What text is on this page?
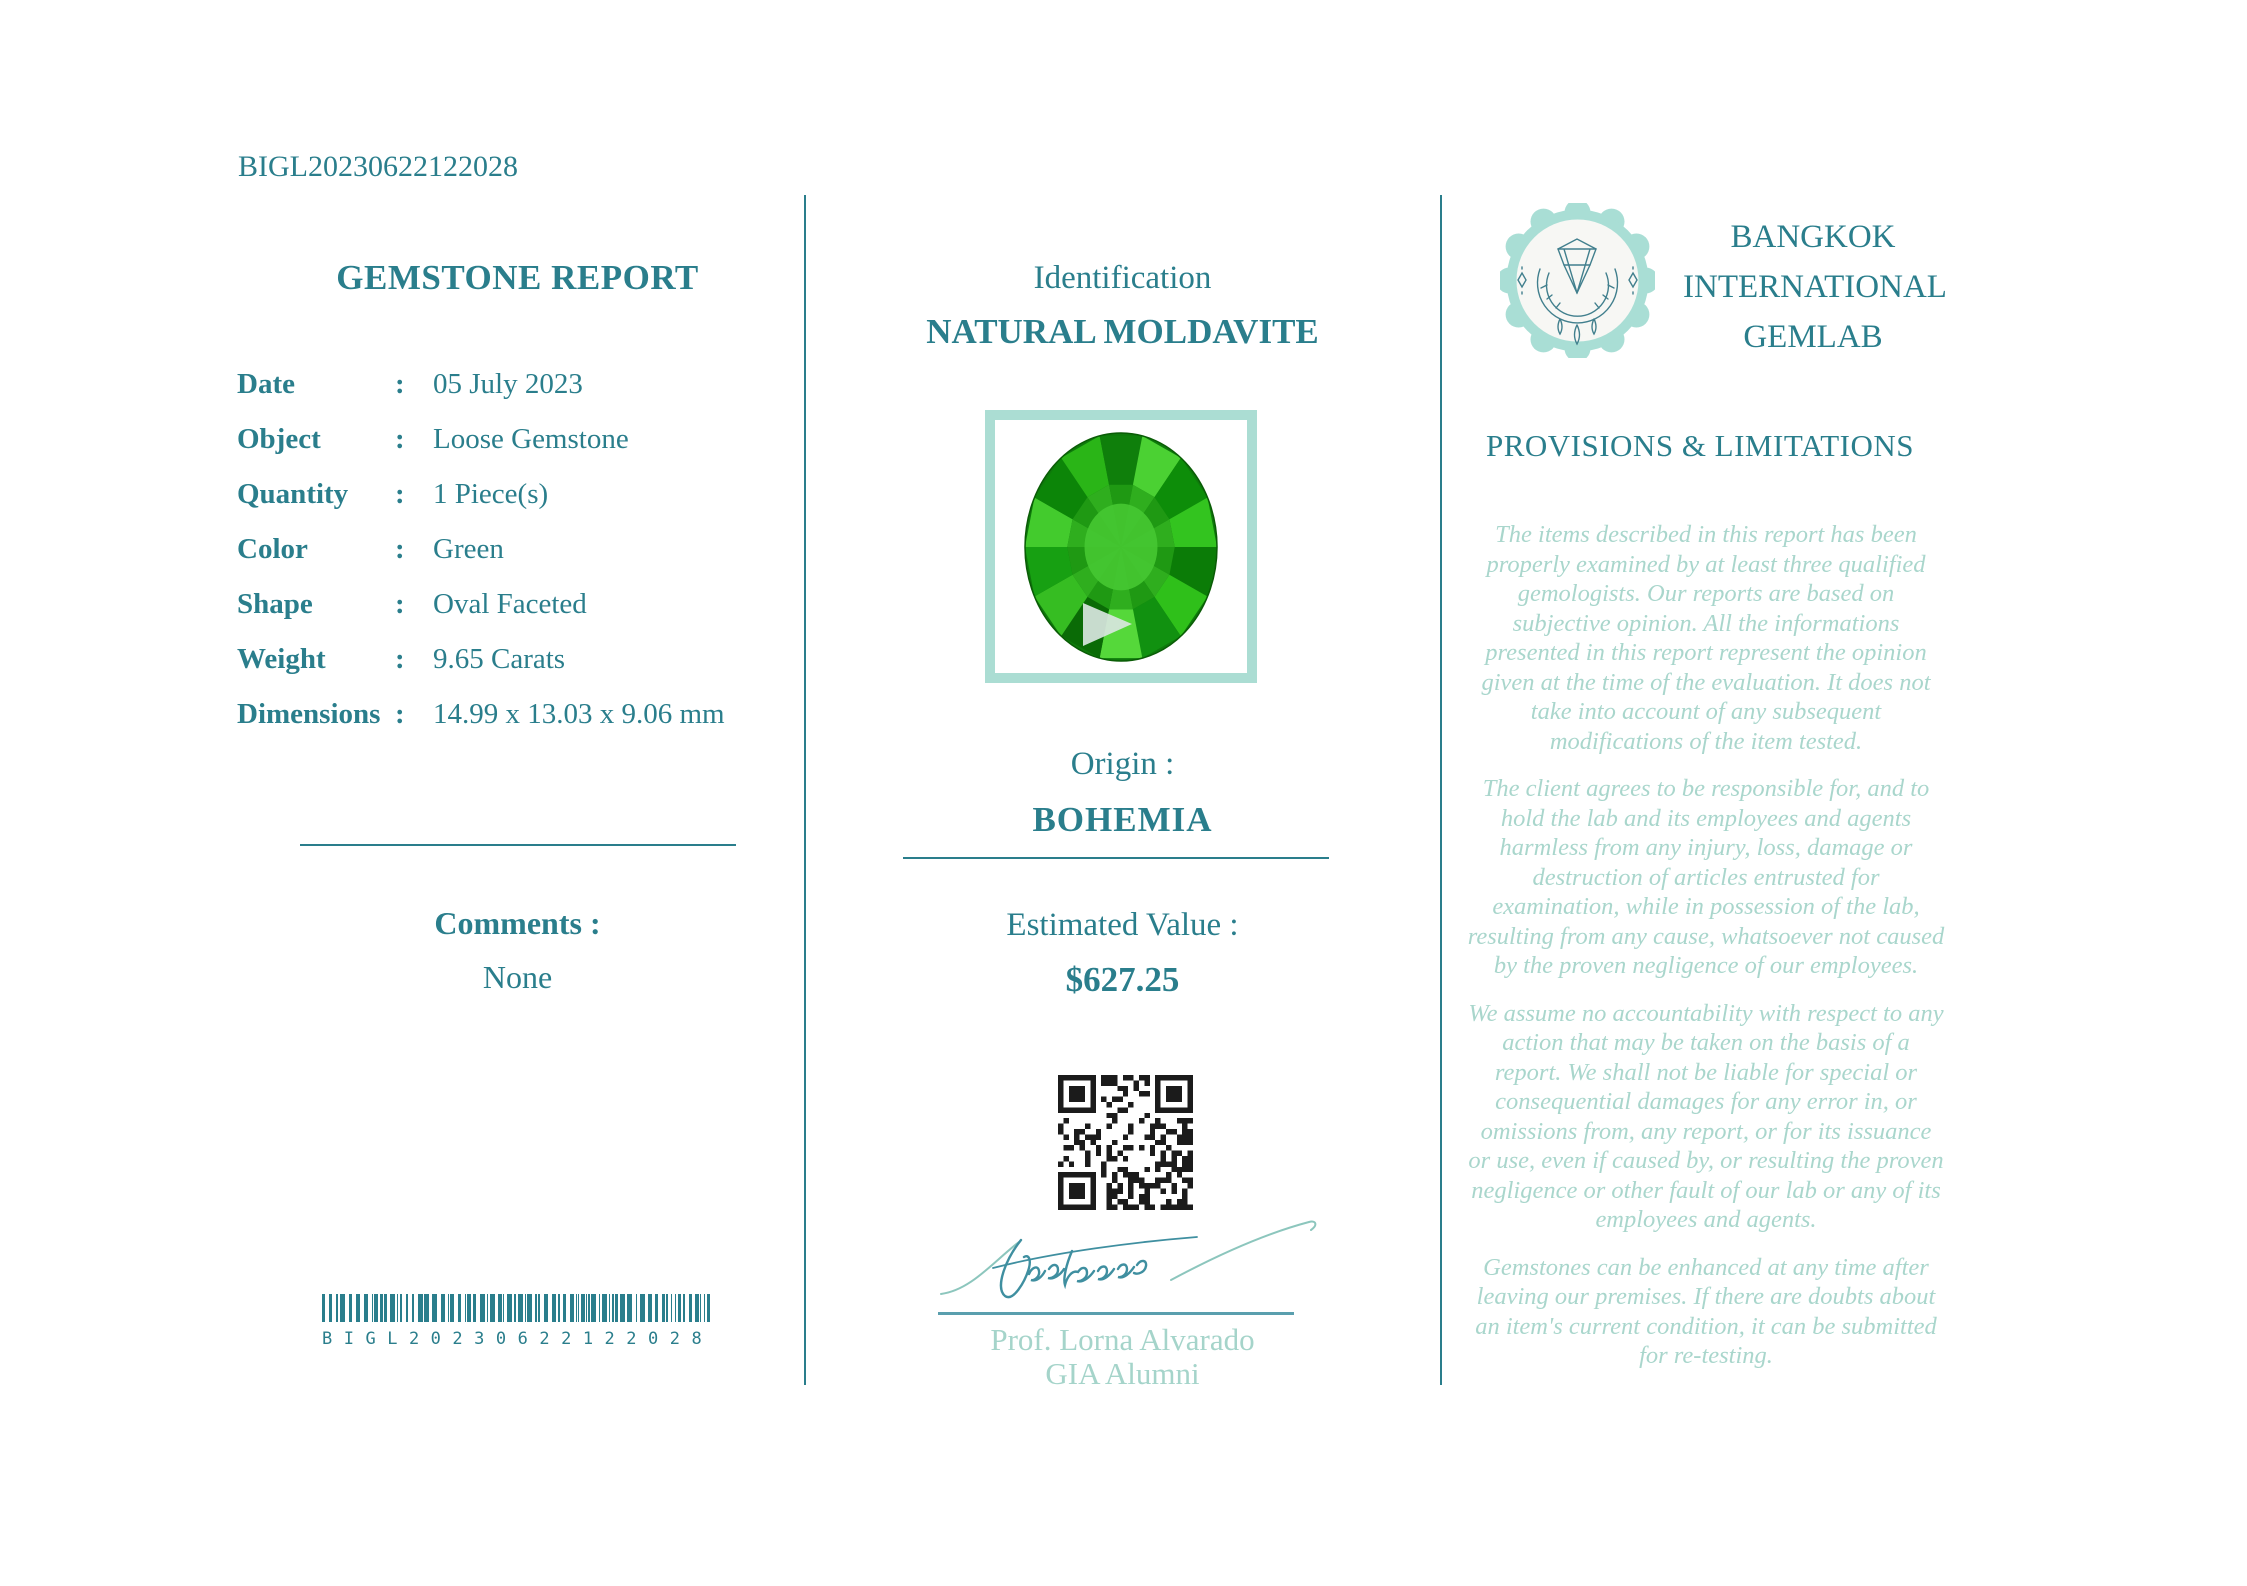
BIGL20230622122028
GEMSTONE REPORT
Date	: 05 July 2023
Object	: Loose Gemstone
Quantity	: 1 Piece(s)
Color	: Green
Shape	: Oval Faceted
Weight	: 9.65 Carats
Dimensions : 14.99 x 13.03 x 9.06 mm
Comments :
None
BIGL20230622122028
Identification
NATURAL MOLDAVITE
Origin :
BOHEMIA
Estimated Value :
$627.25
Prof. Lorna Alvarado
GIA Alumni
BANGKOK
INTERNATIONAL
GEMLAB
PROVISIONS & LIMITATIONS

The items described in this report has been properly examined by at least three qualified gemologists. Our reports are based on subjective opinion. All the informations presented in this report represent the opinion given at the time of the evaluation. It does not take into account of any subsequent modifications of the item tested.

The client agrees to be responsible for, and to hold the lab and its employees and agents harmless from any injury, loss, damage or destruction of articles entrusted for examination, while in possession of the lab, resulting from any cause, whatsoever not caused by the proven negligence of our employees.

We assume no accountability with respect to any action that may be taken on the basis of a report. We shall not be liable for special or consequential damages for any error in, or omissions from, any report, or for its issuance or use, even if caused by, or resulting the proven negligence or other fault of our lab or any of its employees and agents.

Gemstones can be enhanced at any time after leaving our premises. If there are doubts about an item's current condition, it can be submitted for re-testing.
